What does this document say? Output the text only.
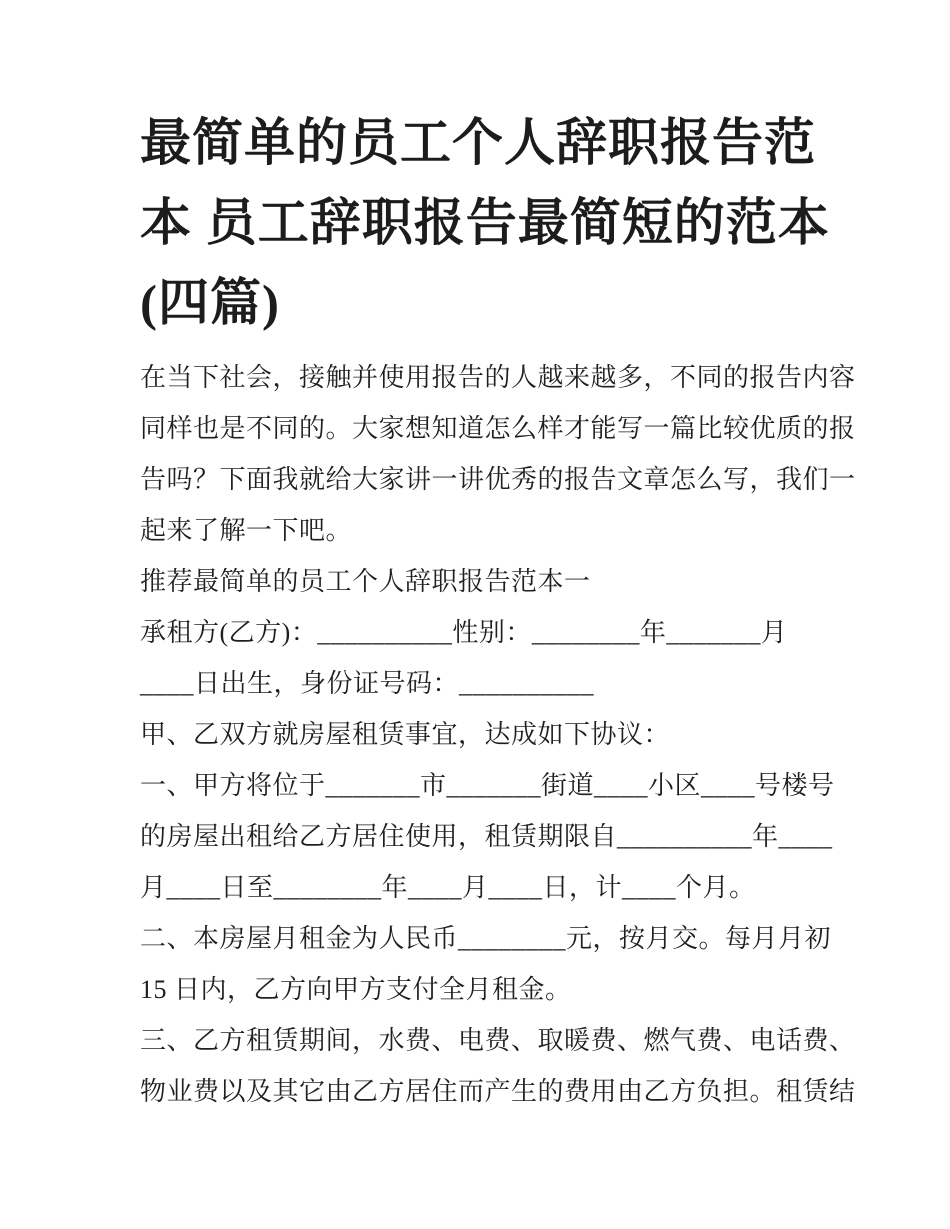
最简单的员工个人辞职报告范
本 员工辞职报告最简短的范本
(四篇)
在当下社会，接触并使用报告的人越来越多，不同的报告内容
同样也是不同的。大家想知道怎么样才能写一篇比较优质的报
告吗？下面我就给大家讲一讲优秀的报告文章怎么写，我们一
起来了解一下吧。
推荐最简单的员工个人辞职报告范本一
承租方(乙方)：__________性别：________年_______月
____日出生，身份证号码：__________
甲、乙双方就房屋租赁事宜，达成如下协议：
一、甲方将位于_______市_______街道____小区____号楼号
的房屋出租给乙方居住使用，租赁期限自__________年____
月____日至________年____月____日，计____个月。
二、本房屋月租金为人民币________元，按月交。每月月初
15 日内，乙方向甲方支付全月租金。
三、乙方租赁期间，水费、电费、取暖费、燃气费、电话费、
物业费以及其它由乙方居住而产生的费用由乙方负担。租赁结
